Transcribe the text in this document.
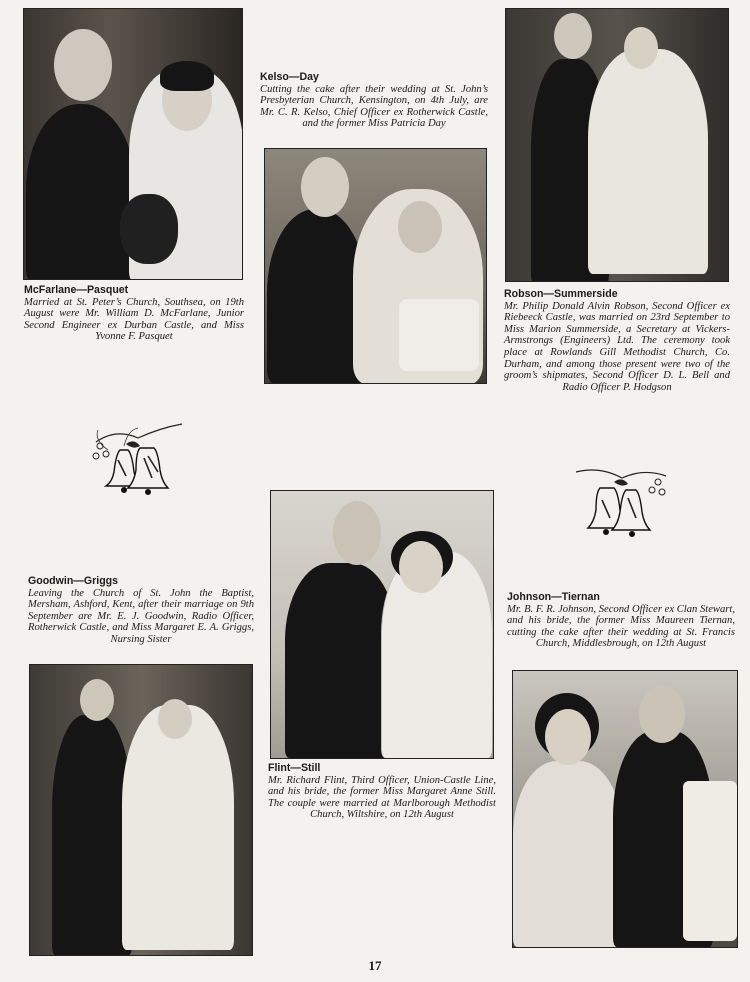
McFarlane—Pasquet
Married at St. Peter’s Church, Southsea, on 19th August were Mr. William D. McFarlane, Junior Second Engineer ex Durban Castle, and Miss Yvonne F. Pasquet
Kelso—Day
Cutting the cake after their wedding at St. John’s Presbyterian Church, Kensington, on 4th July, are Mr. C. R. Kelso, Chief Officer ex Rotherwick Castle, and the former Miss Patricia Day
Robson—Summerside
Mr. Philip Donald Alvin Robson, Second Officer ex Riebeeck Castle, was married on 23rd September to Miss Marion Summerside, a Secretary at Vickers-Armstrongs (Engineers) Ltd. The ceremony took place at Rowlands Gill Methodist Church, Co. Durham, and among those present were two of the groom’s shipmates, Second Officer D. L. Bell and Radio Officer P. Hodgson
Goodwin—Griggs
Leaving the Church of St. John the Baptist, Mersham, Ashford, Kent, after their marriage on 9th September are Mr. E. J. Goodwin, Radio Officer, Rotherwick Castle, and Miss Margaret E. A. Griggs, Nursing Sister
Flint—Still
Mr. Richard Flint, Third Officer, Union-Castle Line, and his bride, the former Miss Margaret Anne Still. The couple were married at Marlborough Methodist Church, Wiltshire, on 12th August
Johnson—Tiernan
Mr. B. F. R. Johnson, Second Officer ex Clan Stewart, and his bride, the former Miss Maureen Tiernan, cutting the cake after their wedding at St. Francis Church, Middlesbrough, on 12th August
17
